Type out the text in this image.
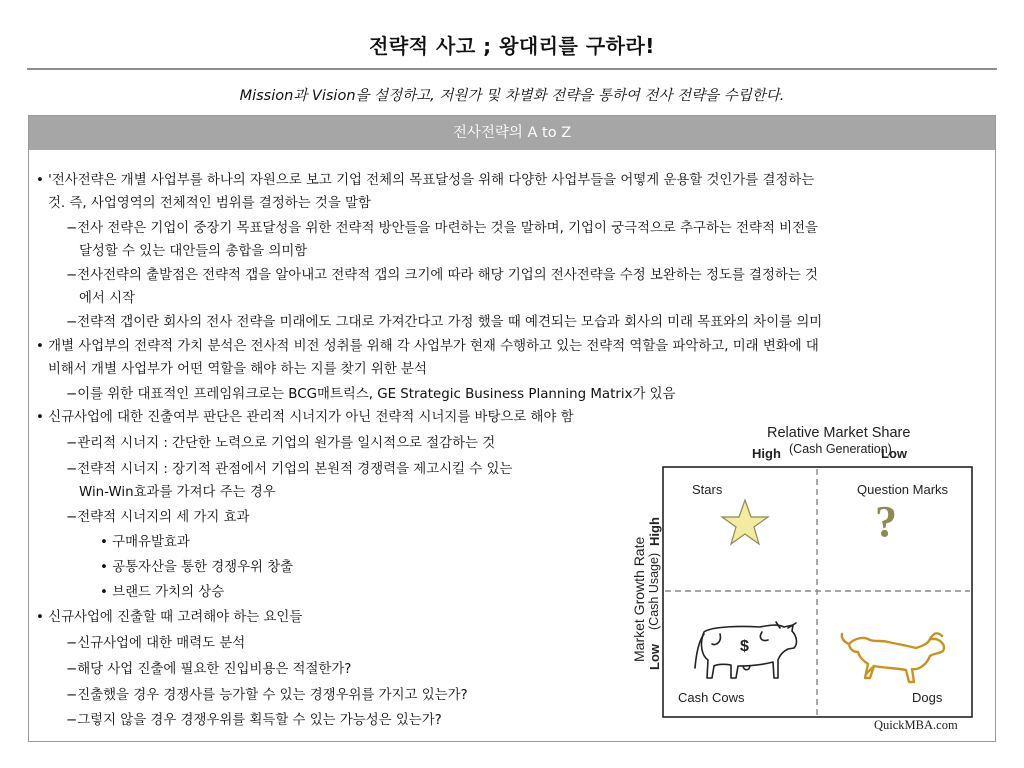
전략적 사고 ; 왕대리를 구하라!
Mission과 Vision을 설정하고, 저원가 및 차별화 전략을 통하여 전사 전략을 수립한다.
전사전략의 A to Z
• '전사전략은 개별 사업부를 하나의 자원으로 보고 기업 전체의 목표달성을 위해 다양한 사업부들을 어떻게 운용할 것인가를 결정하는
것. 즉, 사업영역의 전체적인 범위를 결정하는 것을 말함
−전사 전략은 기업이 중장기 목표달성을 위한 전략적 방안들을 마련하는 것을 말하며, 기업이 궁극적으로 추구하는 전략적 비전을
달성할 수 있는 대안들의 총합을 의미함
−전사전략의 출발점은 전략적 갭을 알아내고 전략적 갭의 크기에 따라 해당 기업의 전사전략을 수정 보완하는 정도를 결정하는 것
에서 시작
−전략적 갭이란 회사의 전사 전략을 미래에도 그대로 가져간다고 가정 했을 때 예견되는 모습과 회사의 미래 목표와의 차이를 의미
• 개별 사업부의 전략적 가치 분석은 전사적 비전 성취를 위해 각 사업부가 현재 수행하고 있는 전략적 역할을 파악하고, 미래 변화에 대
비해서 개별 사업부가 어떤 역할을 해야 하는 지를 찾기 위한 분석
−이를 위한 대표적인 프레임워크로는 BCG매트릭스, GE Strategic Business Planning Matrix가 있음
• 신규사업에 대한 진출여부 판단은 관리적 시너지가 아닌 전략적 시너지를 바탕으로 해야 함
−관리적 시너지 : 간단한 노력으로 기업의 원가를 일시적으로 절감하는 것
−전략적 시너지 : 장기적 관점에서 기업의 본원적 경쟁력을 제고시킬 수 있는
Win-Win효과를 가져다 주는 경우
−전략적 시너지의 세 가지 효과
• 구매유발효과
• 공통자산을 통한 경쟁우위 창출
• 브랜드 가치의 상승
• 신규사업에 진출할 때 고려해야 하는 요인들
−신규사업에 대한 매력도 분석
−해당 사업 진출에 필요한 진입비용은 적절한가?
−진출했을 경우 경쟁사를 능가할 수 있는 경쟁우위를 가지고 있는가?
−그렇지 않을 경우 경쟁우위를 획득할 수 있는 가능성은 있는가?
$
Relative Market Share
High (Cash Generation)
Low
Market Growth Rate (Cash Usage)
High
Low
Stars	Question Marks
Cash Cows	Dogs
?
QuickMBA.com
